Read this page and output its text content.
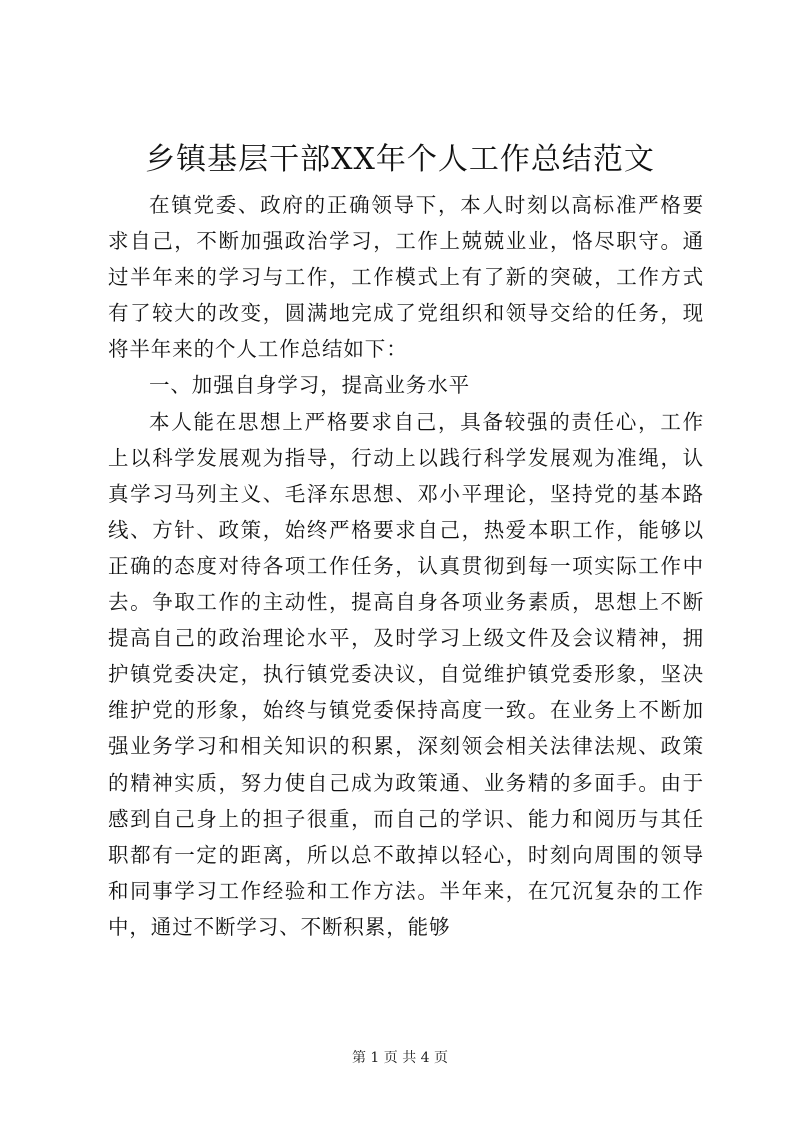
乡镇基层干部XX年个人工作总结范文

在镇党委、政府的正确领导下，本人时刻以高标准严格要求自己，不断加强政治学习，工作上兢兢业业，恪尽职守。通过半年来的学习与工作，工作模式上有了新的突破，工作方式有了较大的改变，圆满地完成了党组织和领导交给的任务，现将半年来的个人工作总结如下：

一、加强自身学习，提高业务水平

本人能在思想上严格要求自己，具备较强的责任心，工作上以科学发展观为指导，行动上以践行科学发展观为准绳，认真学习马列主义、毛泽东思想、邓小平理论，坚持党的基本路线、方针、政策，始终严格要求自己，热爱本职工作，能够以正确的态度对待各项工作任务，认真贯彻到每一项实际工作中去。争取工作的主动性，提高自身各项业务素质，思想上不断提高自己的政治理论水平，及时学习上级文件及会议精神，拥护镇党委决定，执行镇党委决议，自觉维护镇党委形象，坚决维护党的形象，始终与镇党委保持高度一致。在业务上不断加强业务学习和相关知识的积累，深刻领会相关法律法规、政策的精神实质，努力使自己成为政策通、业务精的多面手。由于感到自己身上的担子很重，而自己的学识、能力和阅历与其任职都有一定的距离，所以总不敢掉以轻心，时刻向周围的领导和同事学习工作经验和工作方法。半年来，在冗沉复杂的工作中，通过不断学习、不断积累，能够

第 1 页 共 4 页
